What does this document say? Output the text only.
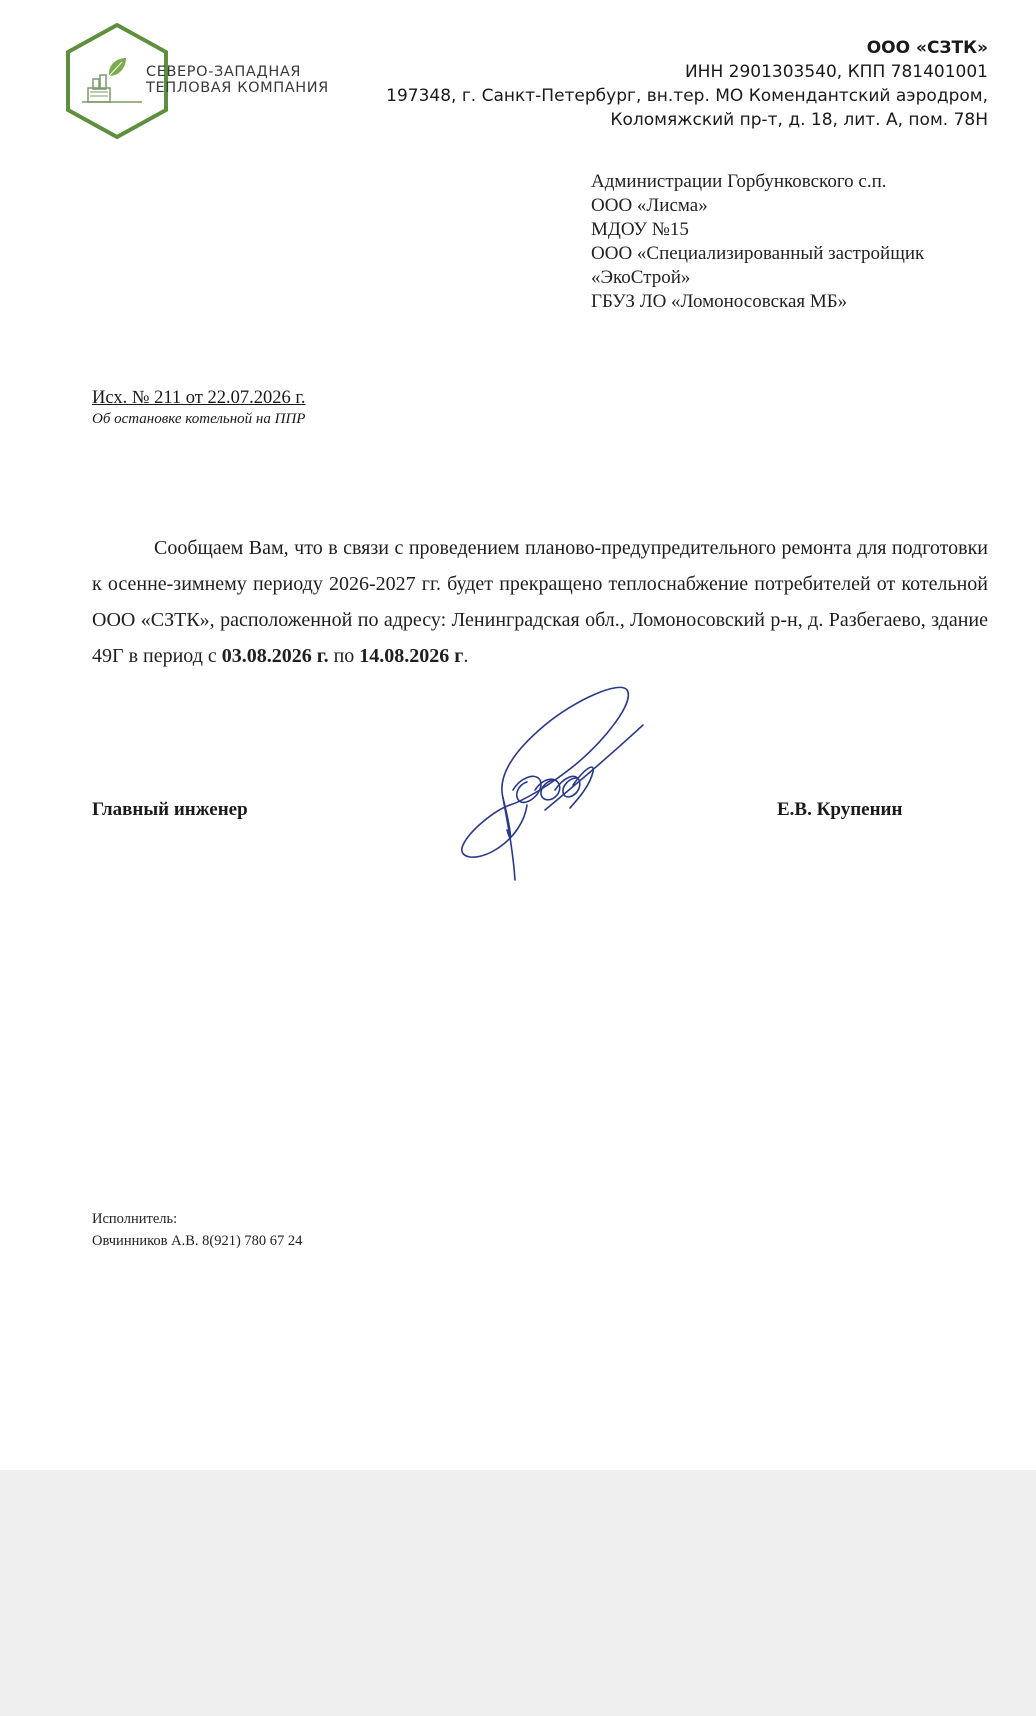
СЕВЕРО-ЗАПАДНАЯ
ТЕПЛОВАЯ КОМПАНИЯ
ООО «СЗТК»
ИНН 2901303540, КПП 781401001
197348, г. Санкт-Петербург, вн.тер. МО Комендантский аэродром,
Коломяжский пр-т, д. 18, лит. А, пом. 78Н
Администрации Горбунковского с.п.
ООО «Лисма»
МДОУ №15
ООО «Специализированный застройщик
«ЭкоСтрой»
ГБУЗ ЛО «Ломоносовская МБ»
Исх. № 211 от 22.07.2026 г.
Об остановке котельной на ППР
Сообщаем Вам, что в связи с проведением планово-предупредительного ремонта для подготовки к осенне-зимнему периоду 2026-2027 гг. будет прекращено теплоснабжение потребителей от котельной ООО «СЗТК», расположенной по адресу: Ленинградская обл., Ломоносовский р-н, д. Разбегаево, здание 49Г в период с 03.08.2026 г. по 14.08.2026 г.
Главный инженер	Е.В. Крупенин
Исполнитель:
Овчинников А.В. 8(921) 780 67 24
